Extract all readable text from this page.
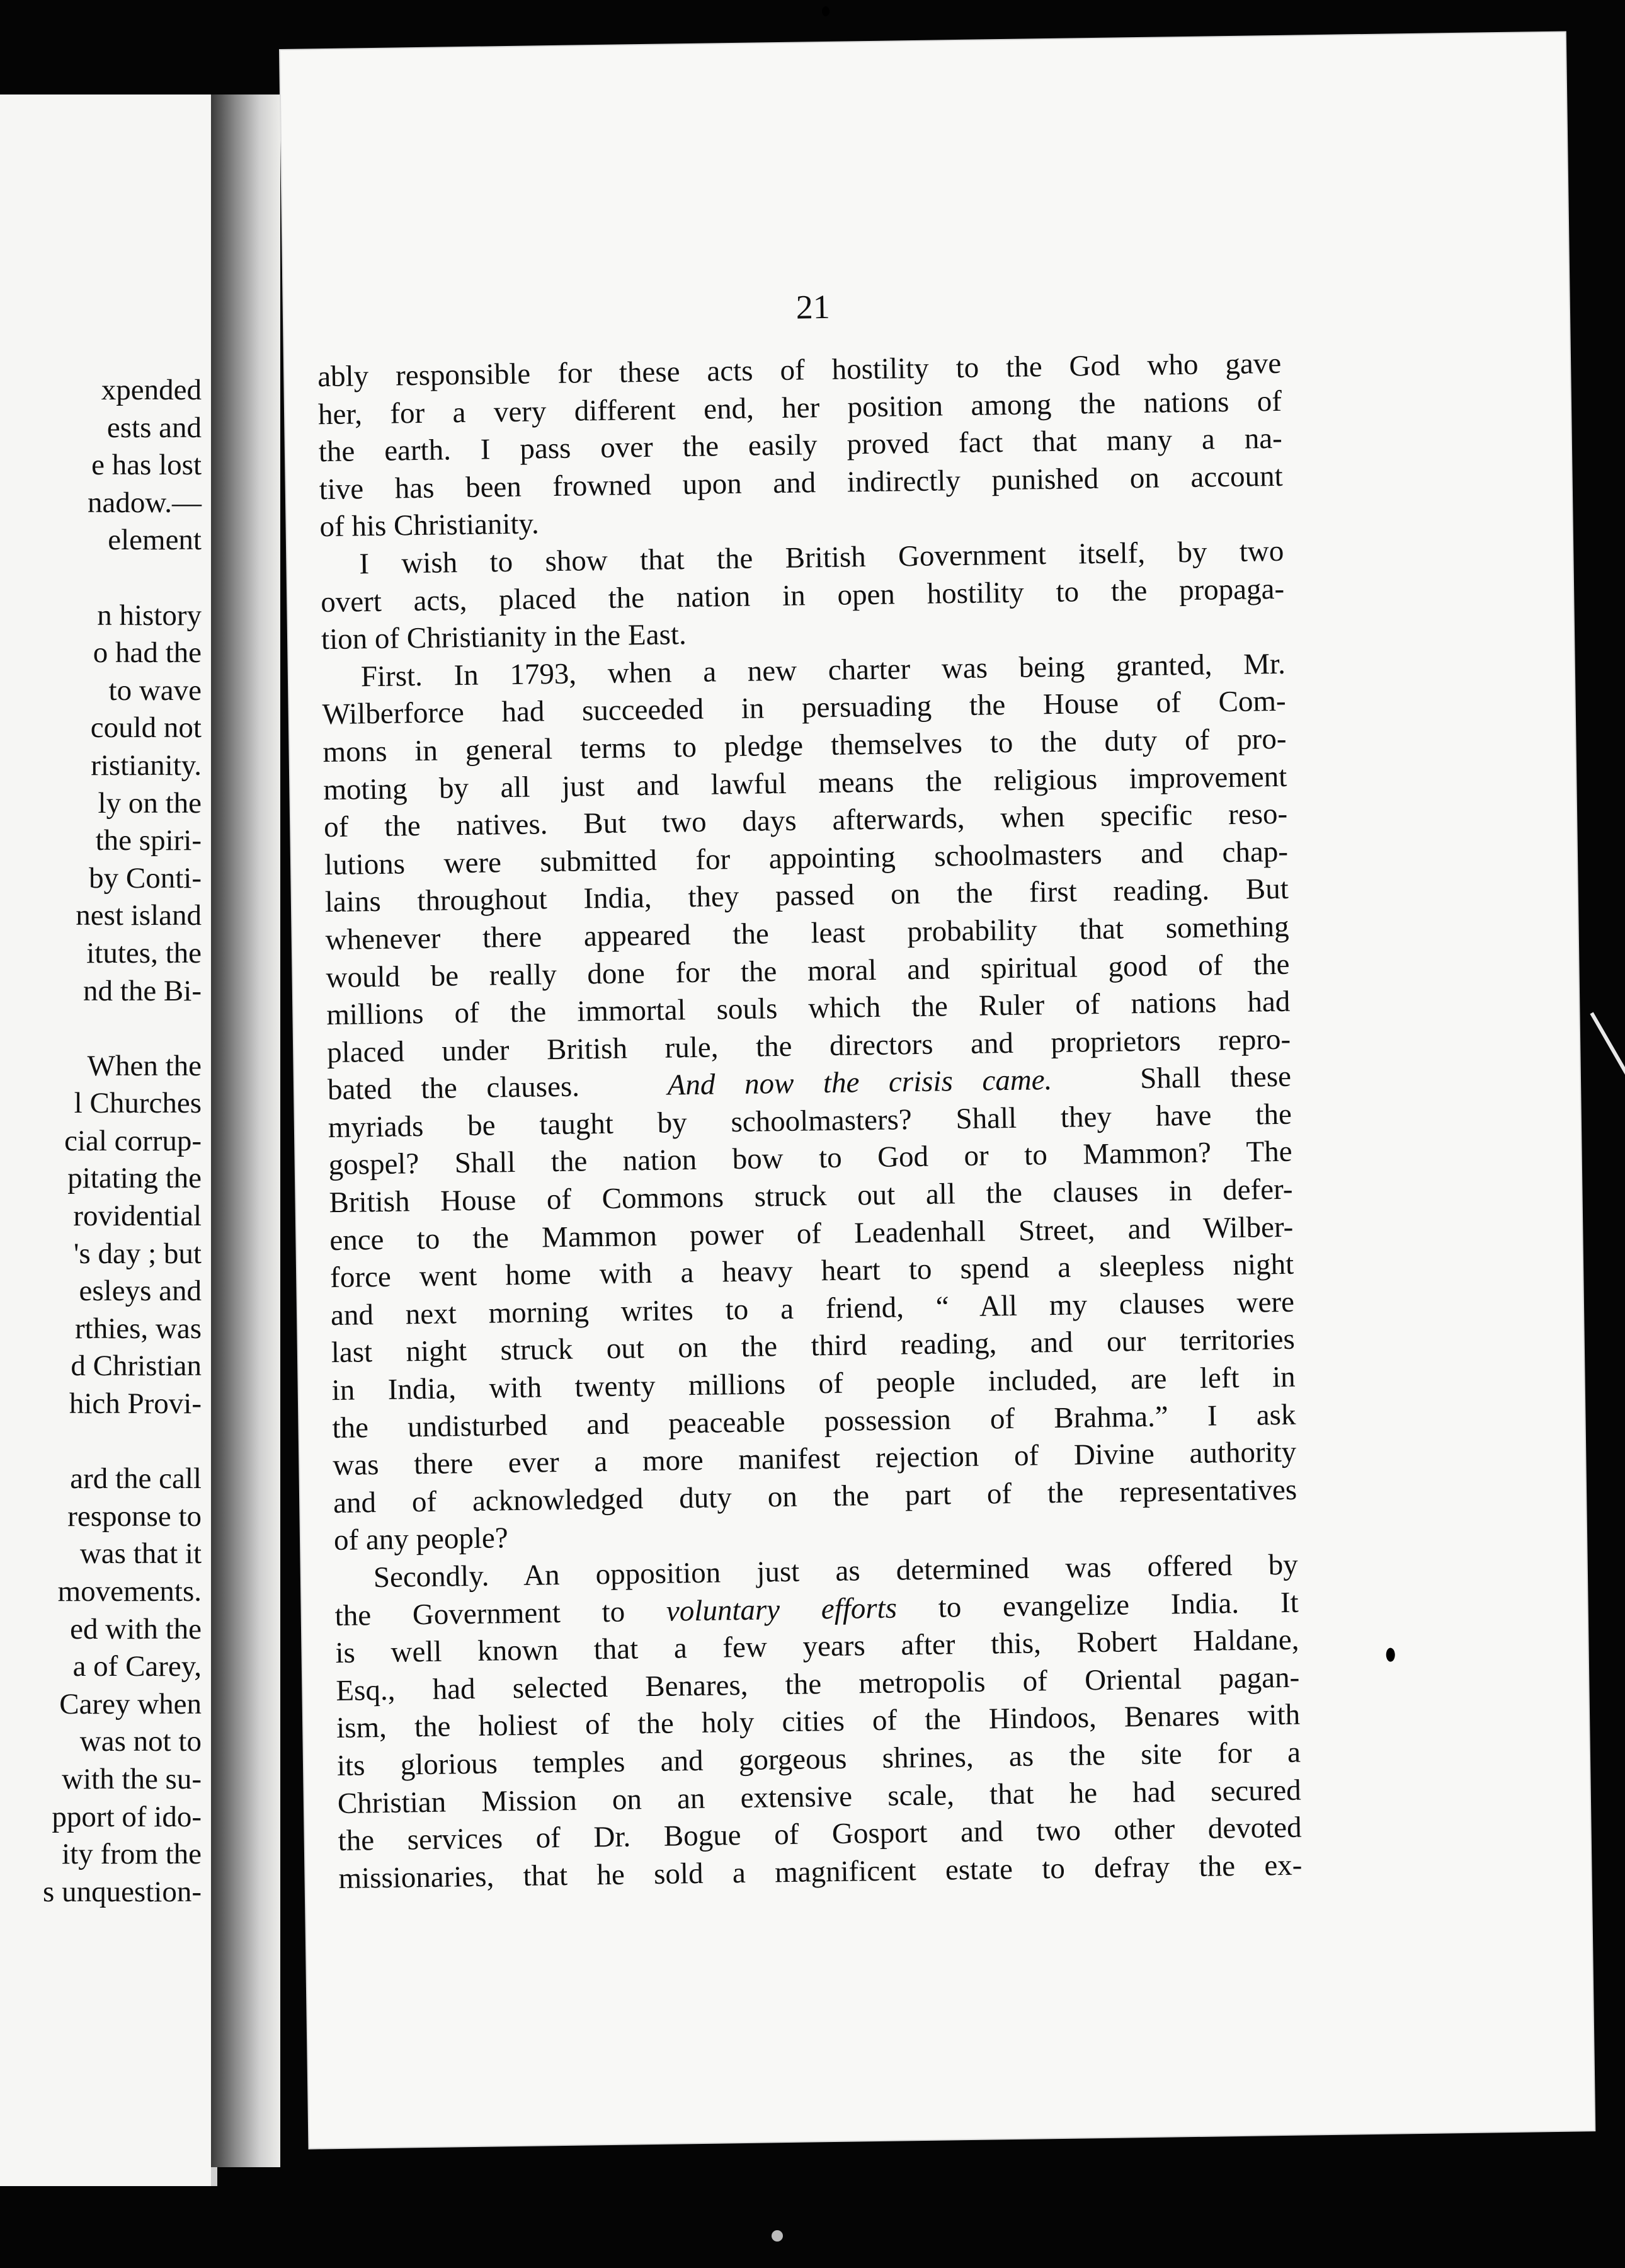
xpended
ests and
e has lost
nadow.—
element
n history
o had the
to wave
could not
ristianity.
ly on the
the spiri-
by Conti-
nest island
itutes, the
nd the Bi-
When the
l Churches
cial corrup-
pitating the
rovidential
's day ; but
esleys and
rthies, was
d Christian
hich Provi-
ard the call
response to
was that it
movements.
ed with the
a of Carey,
Carey when
was not to
with the su-
pport of ido-
ity from the
s unquestion-
21
ably responsible for these acts of hostility to the God who gave
her, for a very different end, her position among the nations of
the earth. I pass over the easily proved fact that many a na-
tive has been frowned upon and indirectly punished on account
of his Christianity.
I wish to show that the British Government itself, by two
overt acts, placed the nation in open hostility to the propaga-
tion of Christianity in the East.
First. In 1793, when a new charter was being granted, Mr.
Wilberforce had succeeded in persuading the House of Com-
mons in general terms to pledge themselves to the duty of pro-
moting by all just and lawful means the religious improvement
of the natives. But two days afterwards, when specific reso-
lutions were submitted for appointing schoolmasters and chap-
lains throughout India, they passed on the first reading. But
whenever there appeared the least probability that something
would be really done for the moral and spiritual good of the
millions of the immortal souls which the Ruler of nations had
placed under British rule, the directors and proprietors repro-
bated the clauses.	And now the crisis came.	Shall these
myriads be taught by schoolmasters? Shall they have the
gospel? Shall the nation bow to God or to Mammon? The
British House of Commons struck out all the clauses in defer-
ence to the Mammon power of Leadenhall Street, and Wilber-
force went home with a heavy heart to spend a sleepless night
and next morning writes to a friend, “ All my clauses were
last night struck out on the third reading, and our territories
in India, with twenty millions of people included, are left in
the undisturbed and peaceable possession of Brahma.” I ask
was there ever a more manifest rejection of Divine authority
and of acknowledged duty on the part of the representatives
of any people?
Secondly. An opposition just as determined was offered by
the Government to voluntary efforts to evangelize India. It
is well known that a few years after this, Robert Haldane,
Esq., had selected Benares, the metropolis of Oriental pagan-
ism, the holiest of the holy cities of the Hindoos, Benares with
its glorious temples and gorgeous shrines, as the site for a
Christian Mission on an extensive scale, that he had secured
the services of Dr. Bogue of Gosport and two other devoted
missionaries, that he sold a magnificent estate to defray the ex-
